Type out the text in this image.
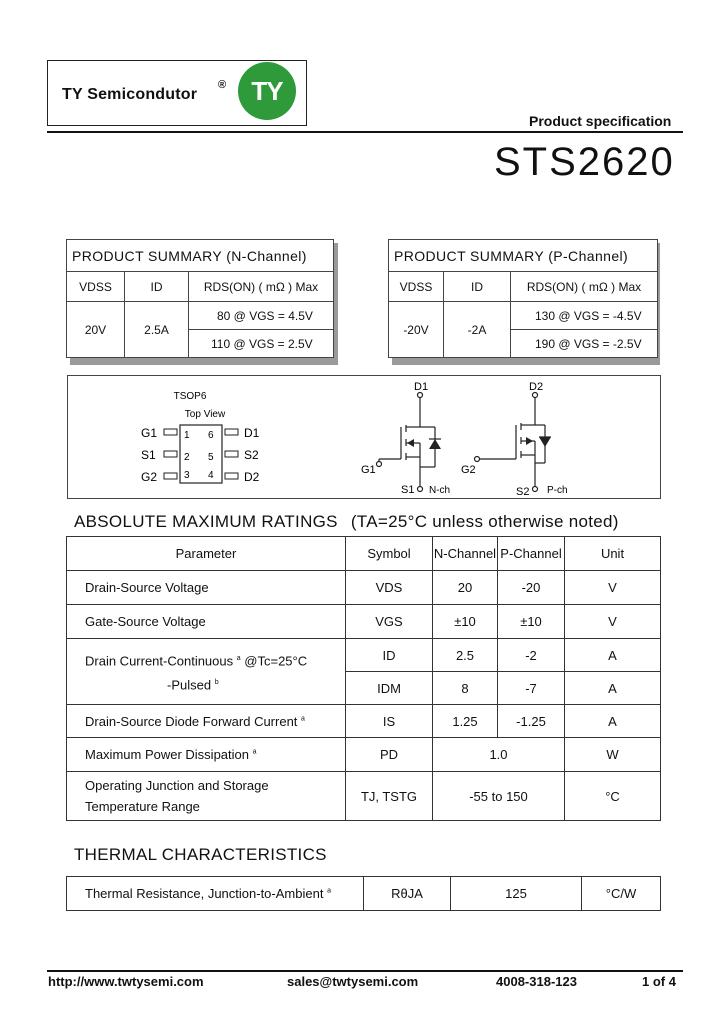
TY Semicondutor
® TY
Product specification
STS2620
PRODUCT SUMMARY (N-Channel)		
VDSS	ID	RDS(ON) ( mΩ ) Max
20V	2.5A	80 @ VGS = 4.5V
		110 @ VGS = 2.5V
PRODUCT SUMMARY (P-Channel)		
VDSS	ID	RDS(ON) ( mΩ ) Max
-20V	-2A	130 @ VGS = -4.5V
		190 @ VGS = -2.5V
TSOP6
Top View
G1
S1
G2
D1
S2
D2
1
2
3
6
5
4
D1
G1
S1 N-ch
D2
G2
S2 P-ch
ABSOLUTE MAXIMUM RATINGS (TA=25°C unless otherwise noted)
Parameter	Symbol	N-Channel	P-Channel	Unit
Drain-Source Voltage	VDS	20	-20	V
Gate-Source Voltage	VGS	±10	±10	V

Drain Current-Continuous $^a$ @Tc=25°C
-Pulsed $^b$	ID	2.5	-2	A
	IDM	8	-7	A
Drain-Source Diode Forward Current $^a$	IS	1.25	-1.25	A
Maximum Power Dissipation $^a$	PD	1.0		W

Operating Junction and Storage
Temperature Range	TJ, TSTG	-55 to 150		°C
THERMAL CHARACTERISTICS
Thermal Resistance, Junction-to-Ambient $^a$	RθJA	125	°C/W
http://www.twtysemi.com	sales@twtysemi.com	4008-318-123	1 of 4
